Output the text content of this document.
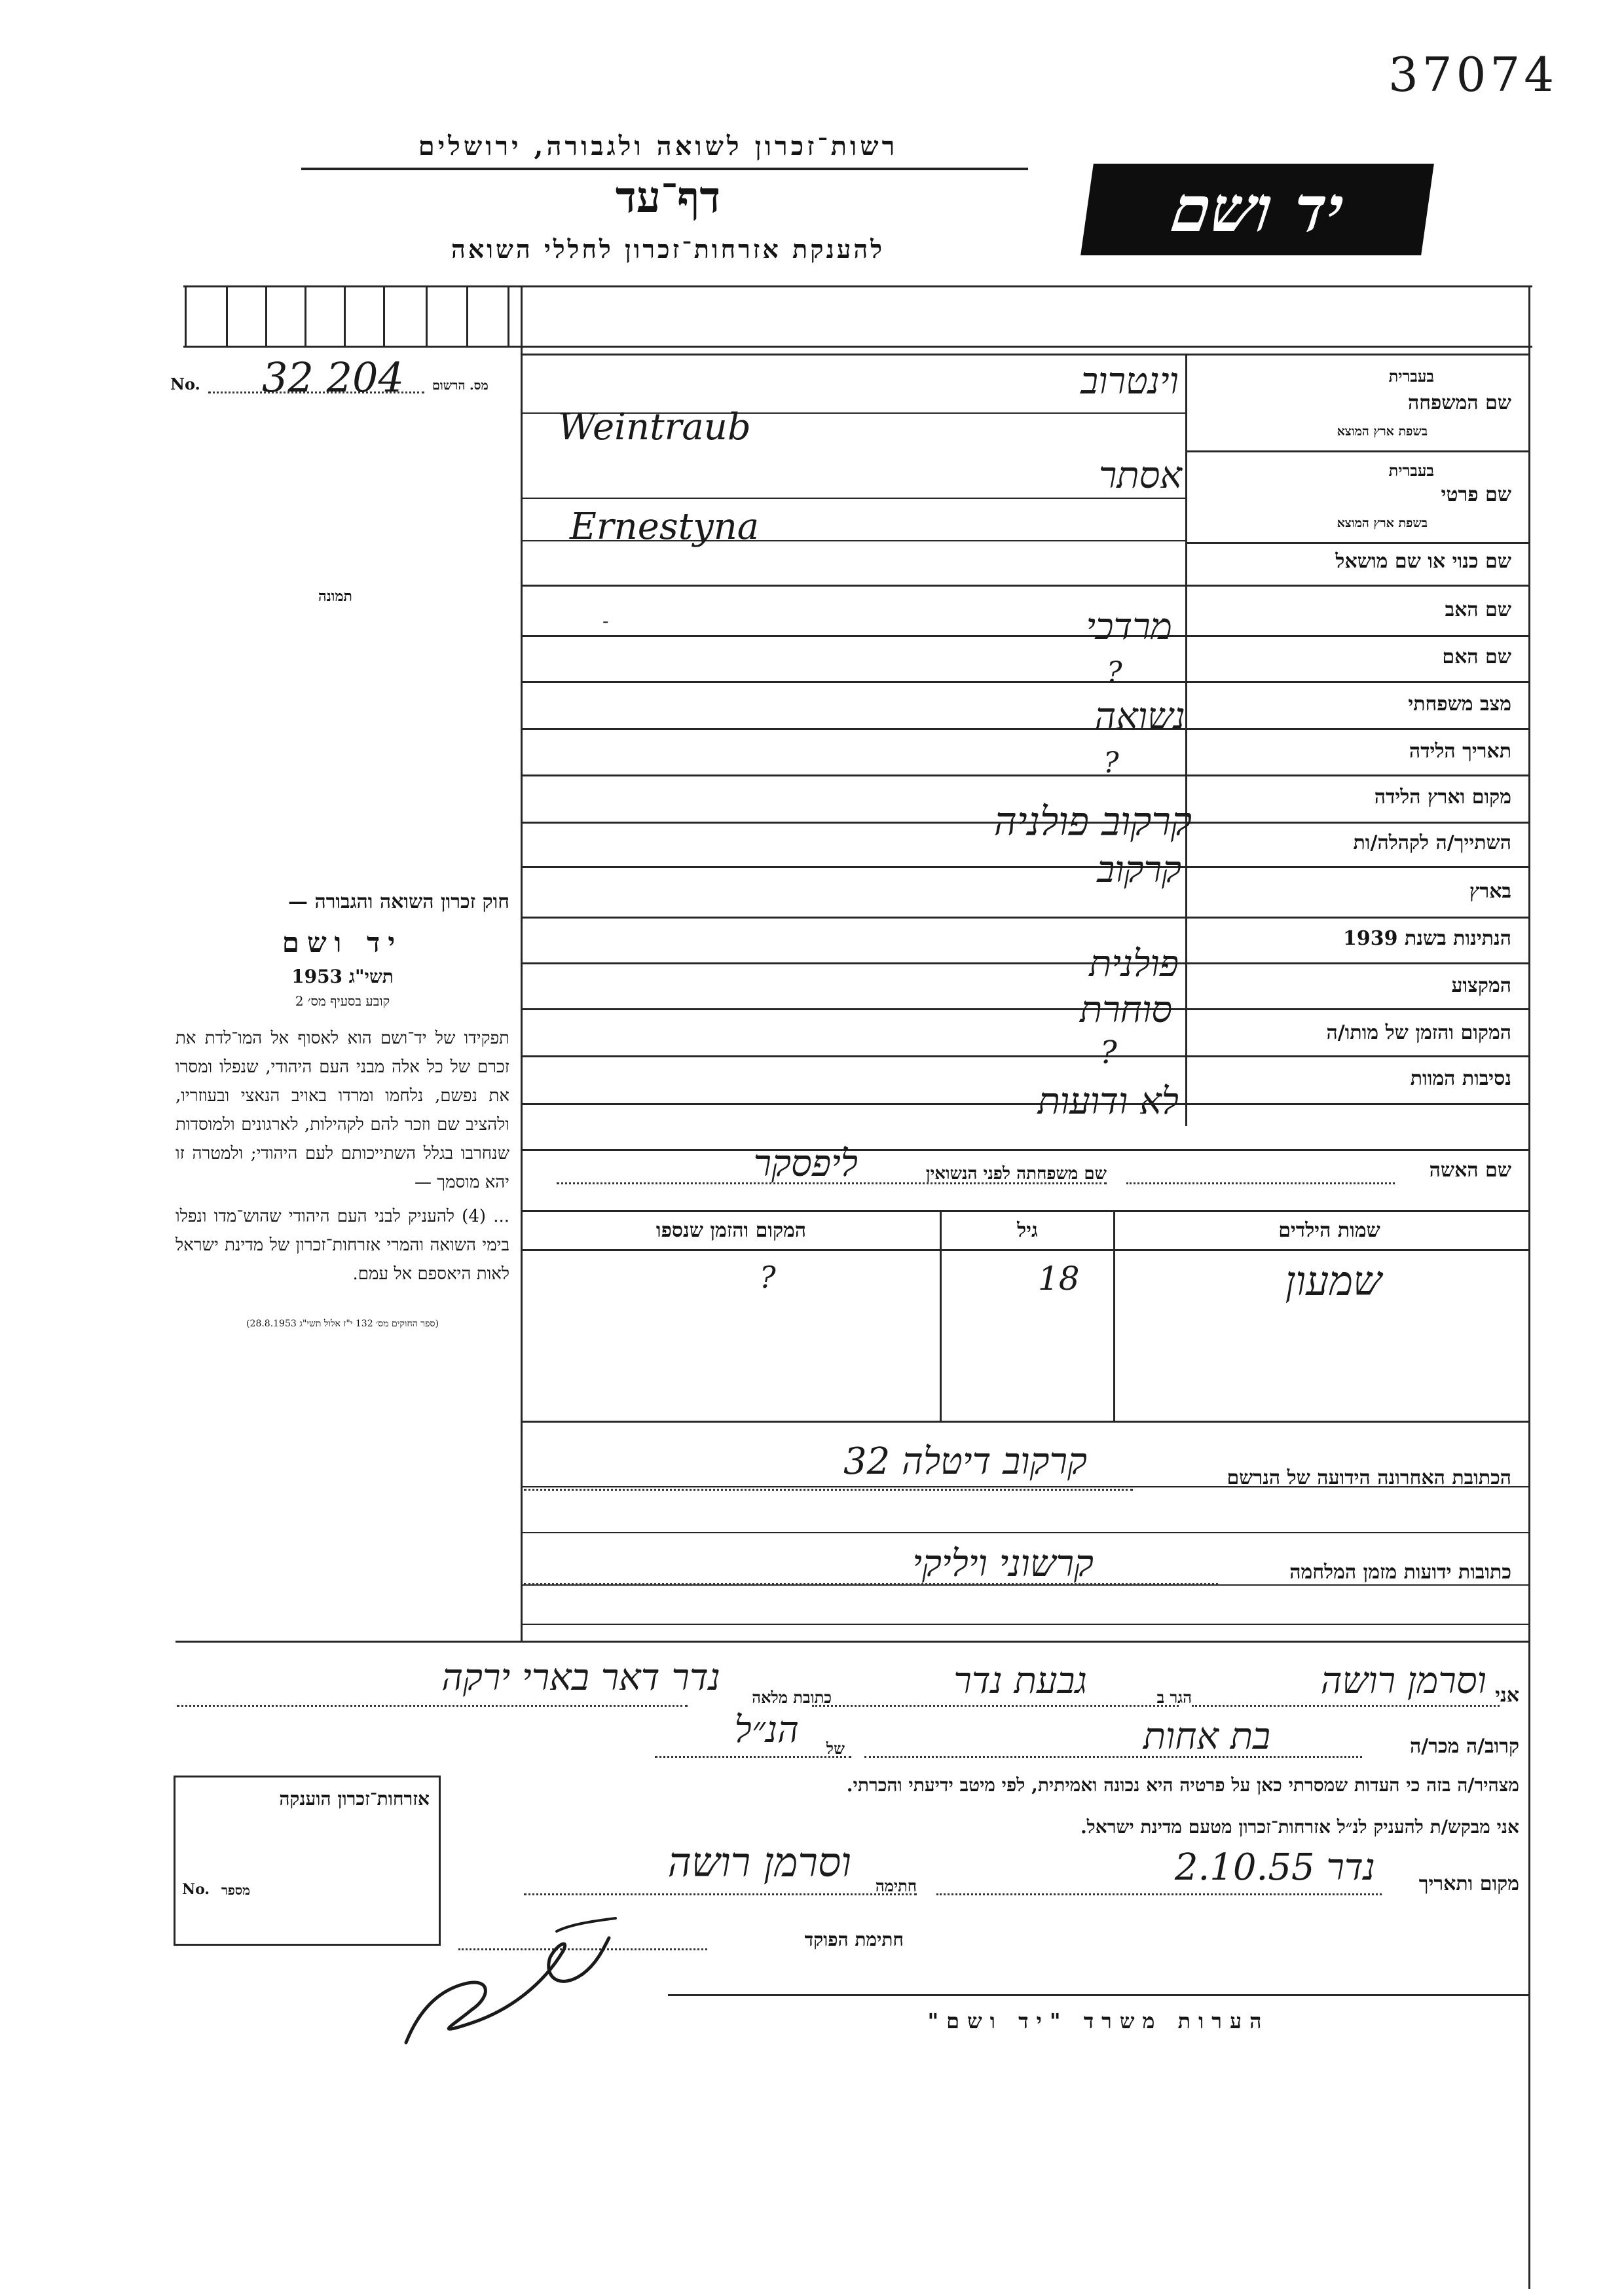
37074
רשות־זכרון לשואה ולגבורה, ירושלים
דף־עד
להענקת אזרחות־זכרון לחללי השואה
יד ושם
No. 32 204 מס. הרשום
תמונה
שם המשפחה
בעברית
בשפת ארץ המוצא
וינטרוב
Weintraub
שם פרטי
בעברית
בשפת ארץ המוצא
אסתר
Ernestyna
שם כנוי או שם מושאל
-	שם האב
מרדכי
שם האם
?
מצב משפחתי
נשואה
תאריך הלידה
?
מקום וארץ הלידה
קרקוב פולניה	השתייך/ה לקהלה/ות
קרקוב
בארץ
הנתינות בשנת 1939
פולנית
המקצוע
סוחרת
המקום והזמן של מותו/ה
?
נסיבות המוות
לא ודועות
שם האשה
שם משפחתה לפני הנשואין
ליפסקר
שמות הילדים
גיל
המקום והזמן שנספו
שמעון
18
?
הכתובת האחרונה הידועה של הנרשם
קרקוב דיטלה 32
כתובות ידועות מזמן המלחמה
קרשוני ויליקי
חוק זכרון השואה והגבורה —
יד ושם
תשי"ג 1953
קובע בסעיף מס׳ 2
תפקידו של יד־ושם הוא לאסוף אל המו־לדת את זכרם של כל אלה מבני העם היהודי, שנפלו ומסרו את נפשם, נלחמו ומרדו באויב הנאצי ובעוזריו, ולהציב שם וזכר להם לקהילות, לארגונים ולמוסדות שנחרבו בגלל השתייכותם לעם היהודי; ולמטרה זו יהא מוסמך —
... (4) להעניק לבני העם היהודי שהוש־מדו ונפלו בימי השואה והמרי אזרחות־זכרון של מדינת ישראל לאות היאספם אל עמם.
(ספר החוקים מס׳ 132 י"ז אלול תשי"ג 28.8.1953)
אני
וסרמן רושה
הגר ב
גבעת נדר
כתובת מלאה
נדר דאר בארי ירקה
קרוב/ה מכר/ה
בת אחות
של
הנ״ל
מצהיר/ה בזה כי העדות שמסרתי כאן על פרטיה היא נכונה ואמיתית, לפי מיטב ידיעתי והכרתי.
אני מבקש/ת להעניק לנ״ל אזרחות־זכרון מטעם מדינת ישראל.
מקום ותאריך
נדר 2.10.55
חתימה
וסרמן רושה
חתימת הפוקד
אזרחות־זכרון הוענקה
מספר
No.
הערות משרד "יד ושם"
